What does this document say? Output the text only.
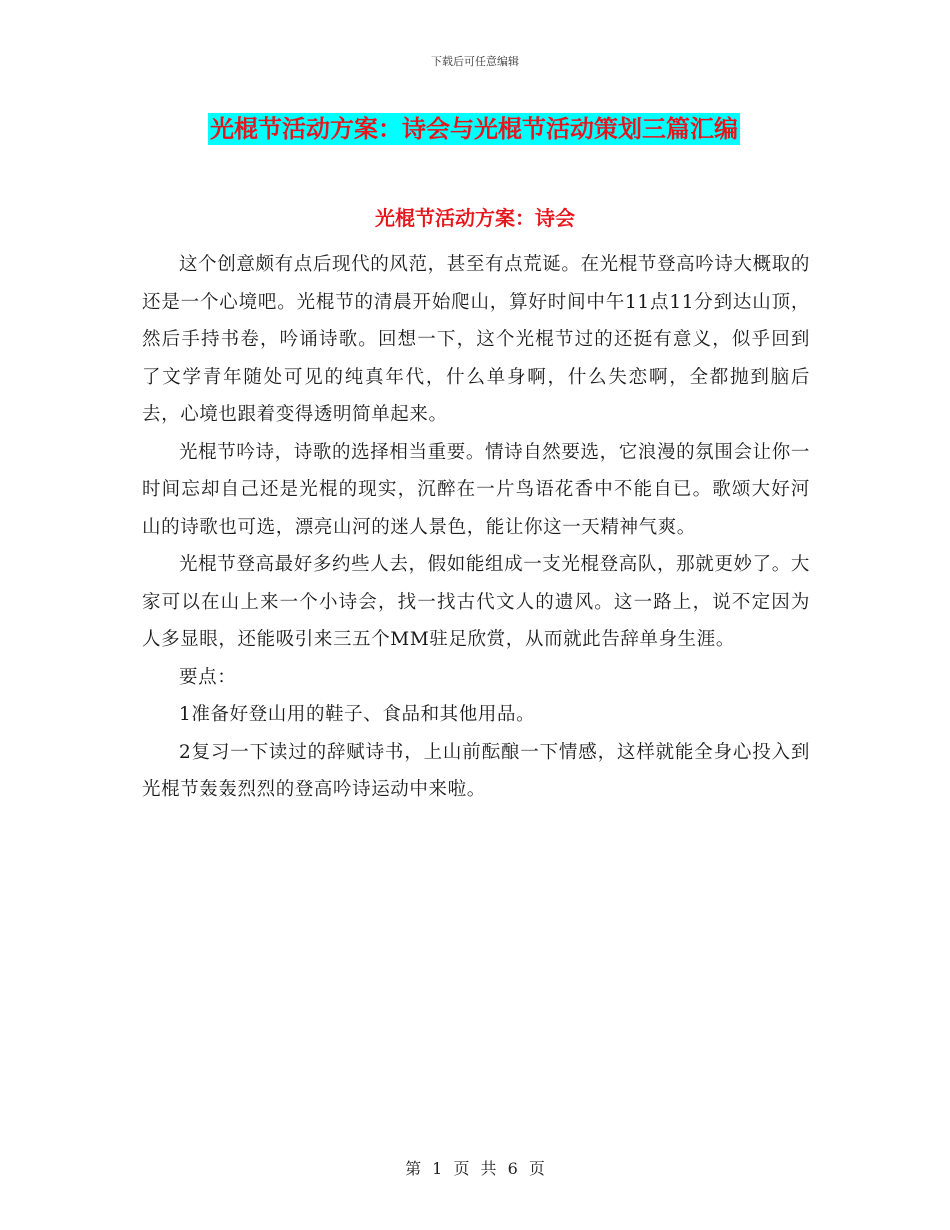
下载后可任意编辑
光棍节活动方案：诗会与光棍节活动策划三篇汇编
光棍节活动方案：诗会

这个创意颇有点后现代的风范，甚至有点荒诞。在光棍节登高吟诗大概取的还是一个心境吧。光棍节的清晨开始爬山，算好时间中午11点11分到达山顶，然后手持书卷，吟诵诗歌。回想一下，这个光棍节过的还挺有意义，似乎回到了文学青年随处可见的纯真年代，什么单身啊，什么失恋啊，全都抛到脑后去，心境也跟着变得透明简单起来。

光棍节吟诗，诗歌的选择相当重要。情诗自然要选，它浪漫的氛围会让你一时间忘却自己还是光棍的现实，沉醉在一片鸟语花香中不能自已。歌颂大好河山的诗歌也可选，漂亮山河的迷人景色，能让你这一天精神气爽。

光棍节登高最好多约些人去，假如能组成一支光棍登高队，那就更妙了。大家可以在山上来一个小诗会，找一找古代文人的遗风。这一路上，说不定因为人多显眼，还能吸引来三五个MM驻足欣赏，从而就此告辞单身生涯。

要点：

1准备好登山用的鞋子、食品和其他用品。

2复习一下读过的辞赋诗书，上山前酝酿一下情感，这样就能全身心投入到光棍节轰轰烈烈的登高吟诗运动中来啦。

第 1 页 共 6 页
